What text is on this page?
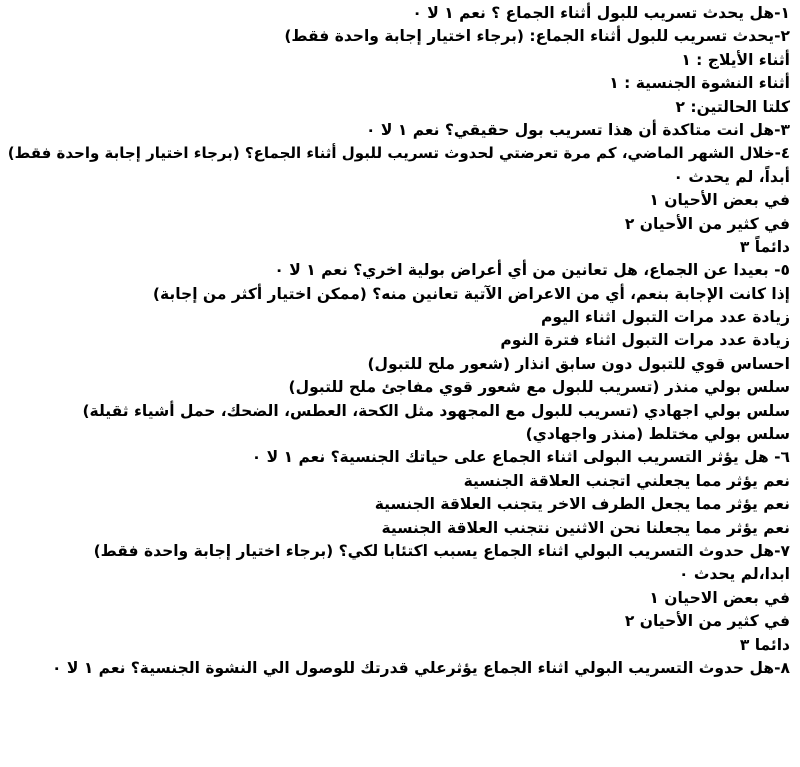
١-هل يحدث تسريب للبول أثناء الجماع ؟ نعم ١ لا ٠
٢-يحدث تسريب للبول أثناء الجماع: (برجاء اختيار إجابة واحدة فقط)
أثناء الأيلاج : ١
أثناء النشوة الجنسية : ١
كلتا الحالتين: ٢
٣-هل انت متاكدة أن هذا تسريب بول حقيقي؟ نعم ١ لا ٠
٤-خلال الشهر الماضي، كم مرة تعرضتي لحدوث تسريب للبول أثناء الجماع؟ (برجاء اختيار إجابة واحدة فقط)
أبداً، لم يحدث ٠
في بعض الأحيان ١
في كثير من الأحيان ٢
دائماً ٣
٥- بعيدا عن الجماع، هل تعانين من أي أعراض بولية اخري؟ نعم ١ لا ٠
إذا كانت الإجابة بنعم، أي من الاعراض الآتية تعانين منه؟ (ممكن اختيار أكثر من إجابة)
زيادة عدد مرات التبول اثناء اليوم
زيادة عدد مرات التبول اثناء فترة النوم
احساس قوي للتبول دون سابق انذار (شعور ملح للتبول)
سلس بولي منذر (تسريب للبول مع شعور قوي مفاجئ ملح للتبول)
سلس بولي اجهادي (تسريب للبول مع المجهود مثل الكحة، العطس، الضحك، حمل أشياء ثقيلة)
سلس بولي مختلط (منذر واجهادي)
٦- هل يؤثر التسريب البولى اثناء الجماع على حياتك الجنسية؟ نعم ١ لا ٠
نعم يؤثر مما يجعلني اتجنب العلاقة الجنسية
نعم يؤثر مما يجعل الطرف الاخر يتجنب العلاقة الجنسية
نعم يؤثر مما يجعلنا نحن الاثنين نتجنب العلاقة الجنسية
٧-هل حدوث التسريب البولي اثناء الجماع يسبب اكتئابا لكي؟ (برجاء اختيار إجابة واحدة فقط)
ابدا،لم يحدث ٠
في بعض الاحيان ١
في كثير من الأحيان ٢
دائما ٣
٨-هل حدوث التسريب البولي اثناء الجماع يؤثرعلي قدرتك للوصول الي النشوة الجنسية؟ نعم ١ لا ٠
